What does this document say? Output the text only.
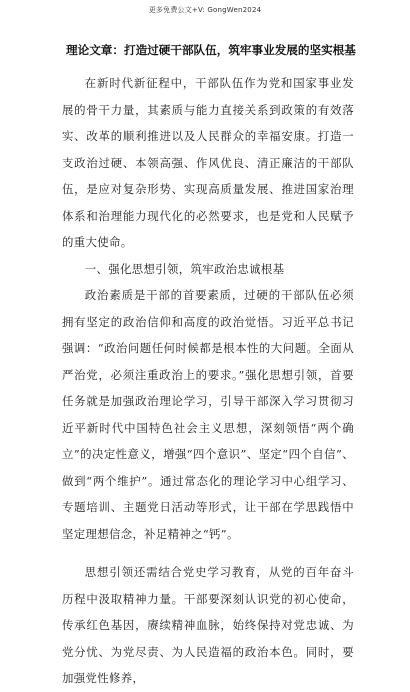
更多免费公文+V: GongWen2024
理论文章：打造过硬干部队伍，筑牢事业发展的坚实根基

在新时代新征程中，干部队伍作为党和国家事业发展的骨干力量，其素质与能力直接关系到政策的有效落实、改革的顺利推进以及人民群众的幸福安康。打造一支政治过硬、本领高强、作风优良、清正廉洁的干部队伍，是应对复杂形势、实现高质量发展、推进国家治理体系和治理能力现代化的必然要求，也是党和人民赋予的重大使命。

一、强化思想引领，筑牢政治忠诚根基

政治素质是干部的首要素质，过硬的干部队伍必须拥有坚定的政治信仰和高度的政治觉悟。习近平总书记强调：“政治问题任何时候都是根本性的大问题。全面从严治党，必须注重政治上的要求。”强化思想引领，首要任务就是加强政治理论学习，引导干部深入学习贯彻习近平新时代中国特色社会主义思想，深刻领悟“两个确立”的决定性意义，增强“四个意识”、坚定“四个自信”、做到“两个维护”。通过常态化的理论学习中心组学习、专题培训、主题党日活动等形式，让干部在学思践悟中坚定理想信念，补足精神之“钙”。

思想引领还需结合党史学习教育，从党的百年奋斗历程中汲取精神力量。干部要深刻认识党的初心使命，传承红色基因，赓续精神血脉，始终保持对党忠诚、为党分忧、为党尽责、为人民造福的政治本色。同时，要加强党性修养，
